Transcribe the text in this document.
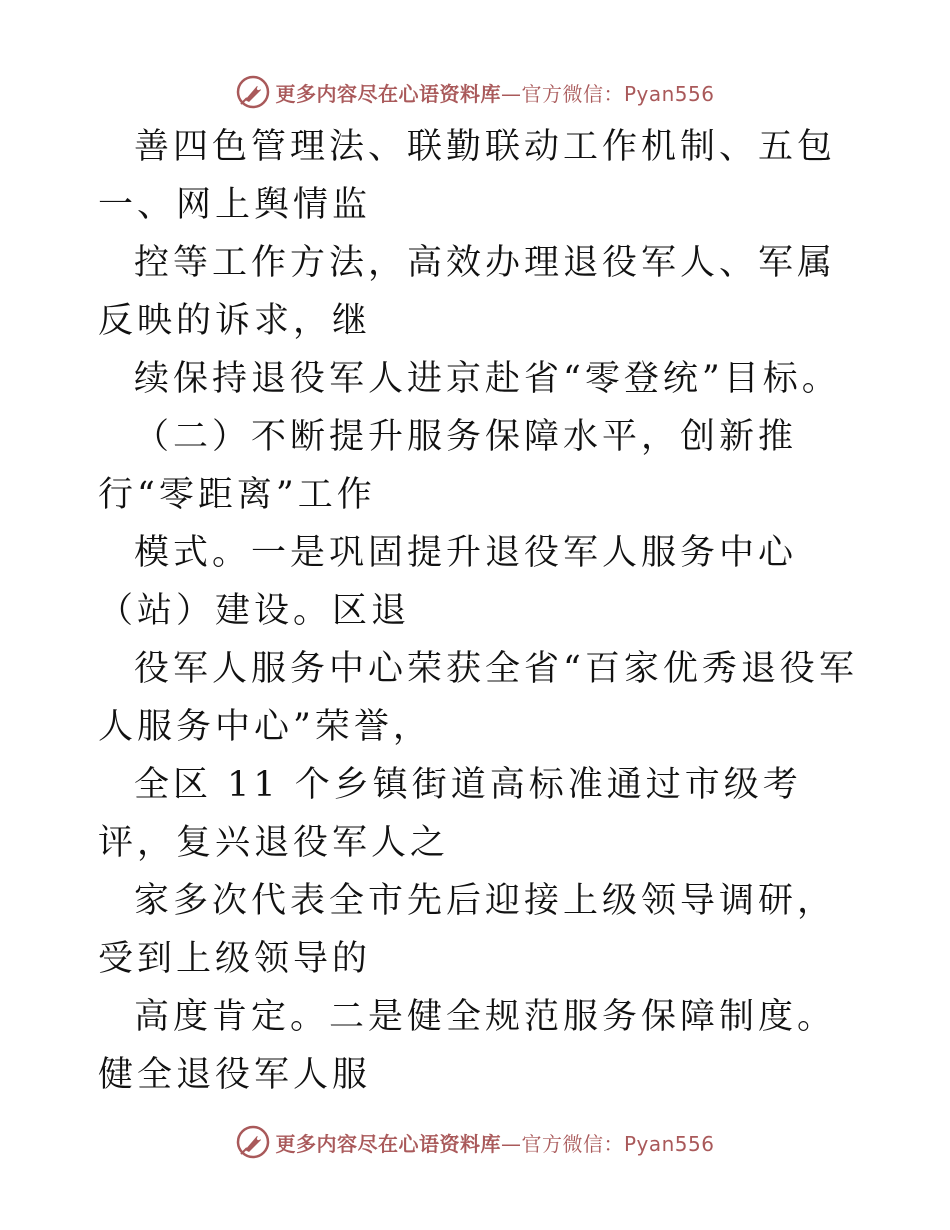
更多内容尽在心语资料库—官方微信：Pyan556

善四色管理法、联勤联动工作机制、五包一、网上舆情监

控等工作方法，高效办理退役军人、军属反映的诉求，继

续保持退役军人进京赴省“零登统”目标。

（二）不断提升服务保障水平，创新推行“零距离”工作

模式。一是巩固提升退役军人服务中心（站）建设。区退

役军人服务中心荣获全省“百家优秀退役军人服务中心”荣誉，

全区 11 个乡镇街道高标准通过市级考评，复兴退役军人之

家多次代表全市先后迎接上级领导调研，受到上级领导的

高度肯定。二是健全规范服务保障制度。健全退役军人服

更多内容尽在心语资料库—官方微信：Pyan556
